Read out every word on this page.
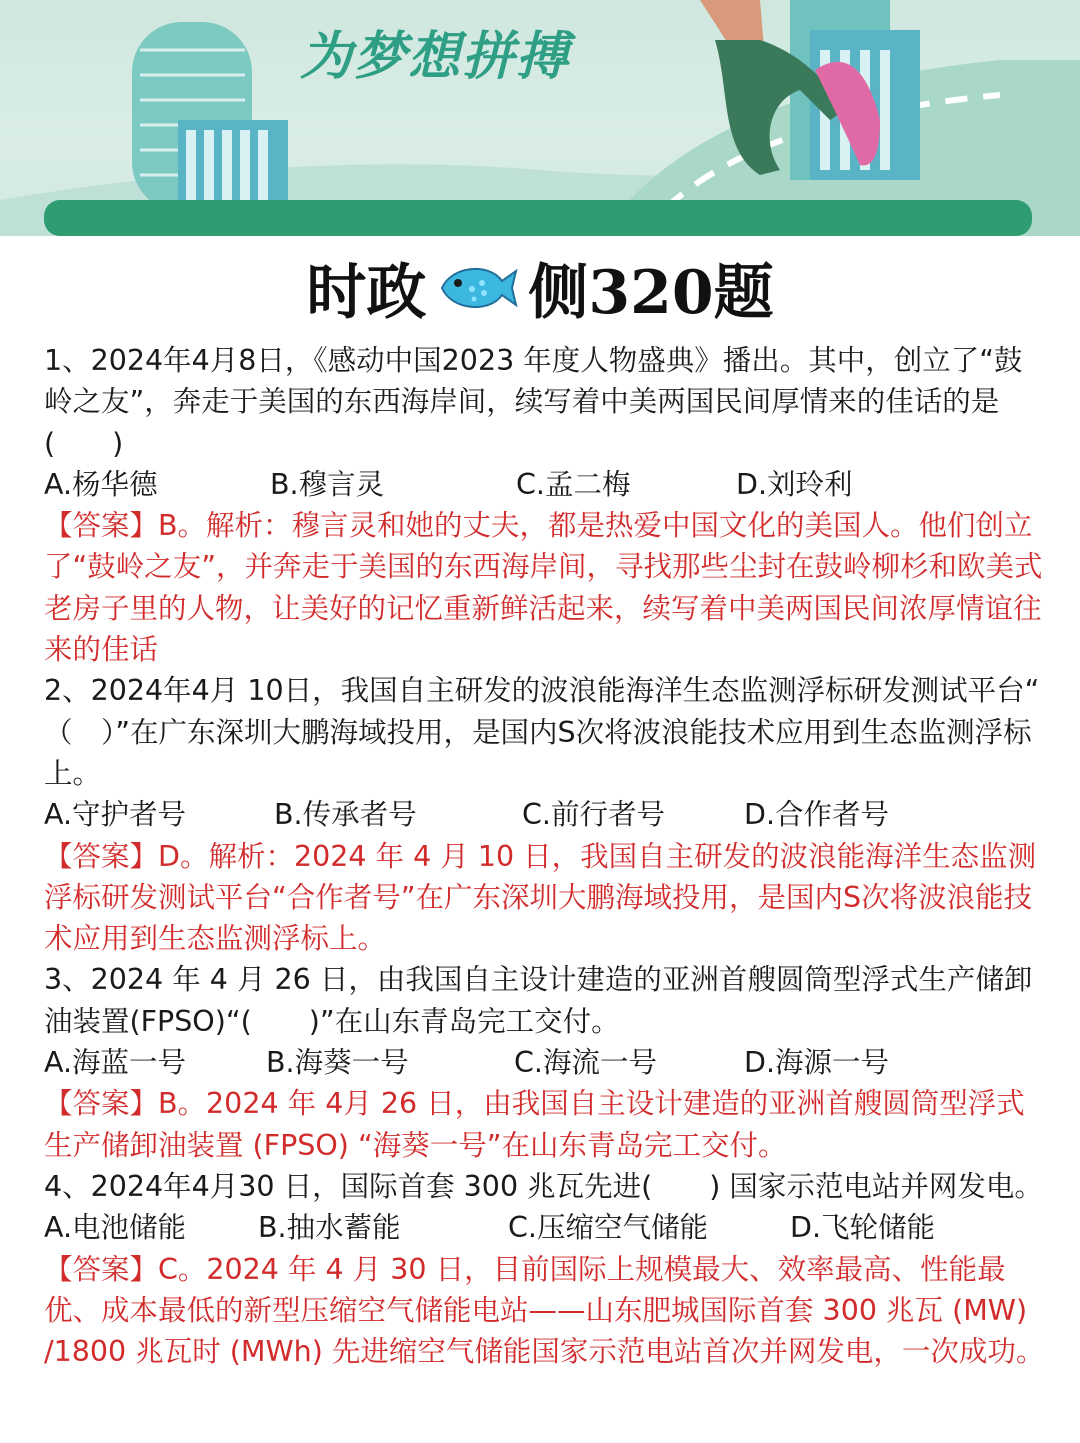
为梦想拼搏
时政 侧320题
1、2024年4月8日，《感动中国2023 年度人物盛典》播出。其中，创立了“鼓岭之友”，奔走于美国的东西海岸间，续写着中美两国民间厚情来的佳话的是(　　)
A.杨华德	B.穆言灵	C.孟二梅	D.刘玲利
【答案】B。解析：穆言灵和她的丈夫，都是热爱中国文化的美国人。他们创立了“鼓岭之友”，并奔走于美国的东西海岸间，寻找那些尘封在鼓岭柳杉和欧美式老房子里的人物，让美好的记忆重新鲜活起来，续写着中美两国民间浓厚情谊往来的佳话
2、2024年4月 10日，我国自主研发的波浪能海洋生态监测浮标研发测试平台“　（　）”在广东深圳大鹏海域投用，是国内S次将波浪能技术应用到生态监测浮标上。
A.守护者号	B.传承者号	C.前行者号	D.合作者号
【答案】D。解析：2024 年 4 月 10 日，我国自主研发的波浪能海洋生态监测浮标研发测试平台“合作者号”在广东深圳大鹏海域投用，是国内S次将波浪能技术应用到生态监测浮标上。
3、2024 年 4 月 26 日，由我国自主设计建造的亚洲首艘圆筒型浮式生产储卸油装置(FPSO)“(　　)”在山东青岛完工交付。
A.海蓝一号	B.海葵一号	C.海流一号	D.海源一号
【答案】B。2024 年 4月 26 日，由我国自主设计建造的亚洲首艘圆筒型浮式生产储卸油装置 (FPSO) “海葵一号”在山东青岛完工交付。
4、2024年4月30 日，国际首套 300 兆瓦先进(　　) 国家示范电站并网发电。
A.电池储能	B.抽水蓄能	C.压缩空气储能	D.飞轮储能
【答案】C。2024 年 4 月 30 日，目前国际上规模最大、效率最高、性能最优、成本最低的新型压缩空气储能电站——山东肥城国际首套 300 兆瓦 (MW) /1800 兆瓦时 (MWh) 先进缩空气储能国家示范电站首次并网发电，一次成功。
